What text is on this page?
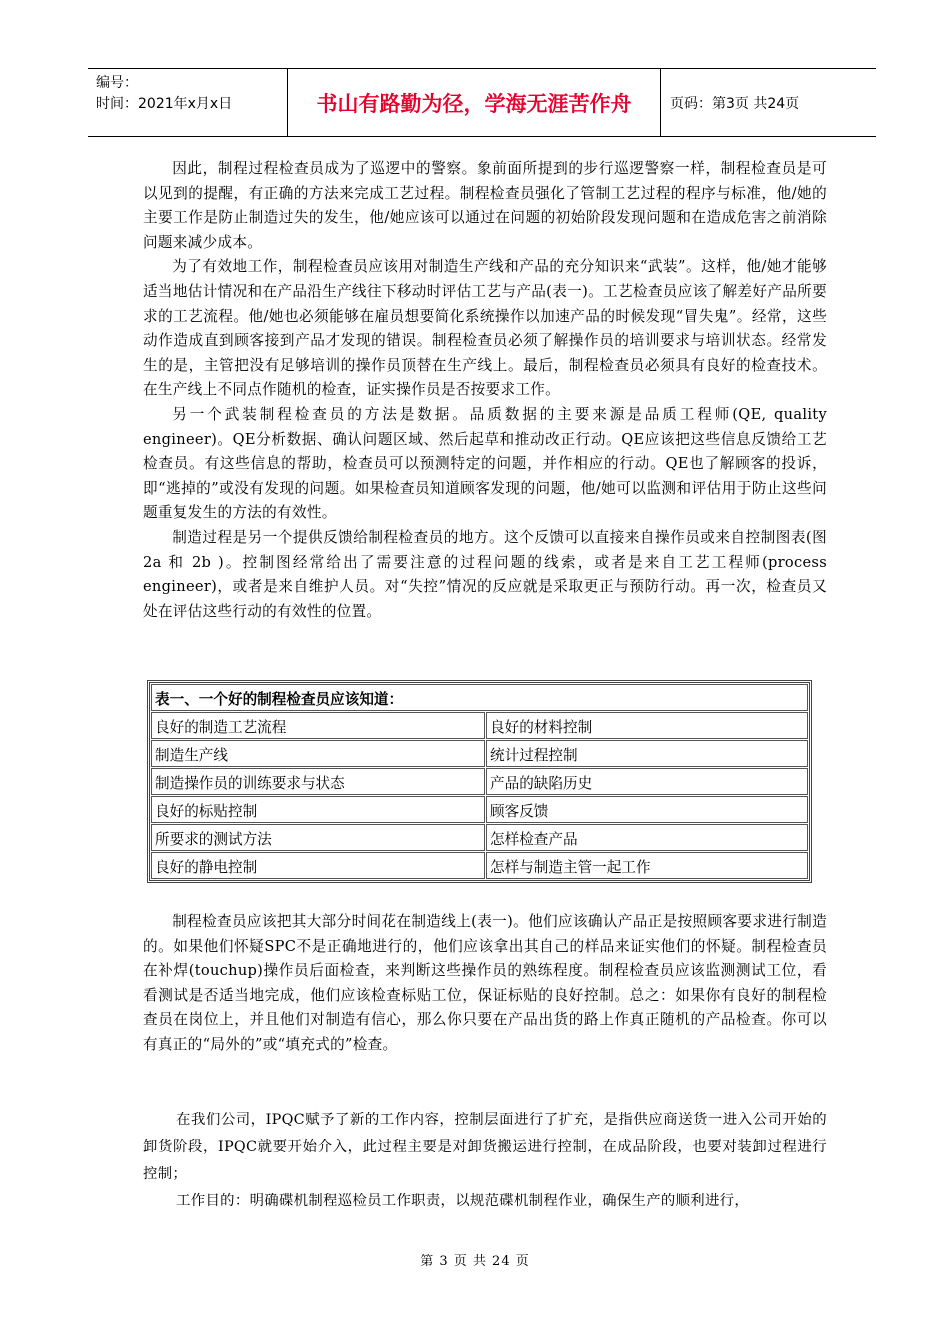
编号：
时间：2021年x月x日	书山有路勤为径，学海无涯苦作舟	页码：第3页 共24页

因此，制程过程检查员成为了巡逻中的警察。象前面所提到的步行巡逻警察一样，制程检查员是可以见到的提醒，有正确的方法来完成工艺过程。制程检查员强化了管制工艺过程的程序与标准，他/她的主要工作是防止制造过失的发生，他/她应该可以通过在问题的初始阶段发现问题和在造成危害之前消除问题来减少成本。

为了有效地工作，制程检查员应该用对制造生产线和产品的充分知识来“武装”。这样，他/她才能够适当地估计情况和在产品沿生产线往下移动时评估工艺与产品(表一)。工艺检查员应该了解差好产品所要求的工艺流程。他/她也必须能够在雇员想要简化系统操作以加速产品的时候发现“冒失鬼”。经常，这些动作造成直到顾客接到产品才发现的错误。制程检查员必须了解操作员的培训要求与培训状态。经常发生的是，主管把没有足够培训的操作员顶替在生产线上。最后，制程检查员必须具有良好的检查技术。在生产线上不同点作随机的检查，证实操作员是否按要求工作。

另一个武装制程检查员的方法是数据。品质数据的主要来源是品质工程师(QE, quality engineer)。QE分析数据、确认问题区域、然后起草和推动改正行动。QE应该把这些信息反馈给工艺检查员。有这些信息的帮助，检查员可以预测特定的问题，并作相应的行动。QE也了解顾客的投诉，即“逃掉的”或没有发现的问题。如果检查员知道顾客发现的问题，他/她可以监测和评估用于防止这些问题重复发生的方法的有效性。

制造过程是另一个提供反馈给制程检查员的地方。这个反馈可以直接来自操作员或来自控制图表(图 2a 和 2b )。控制图经常给出了需要注意的过程问题的线索，或者是来自工艺工程师(process engineer)，或者是来自维护人员。对“失控”情况的反应就是采取更正与预防行动。再一次，检查员又处在评估这些行动的有效性的位置。

表一、一个好的制程检查员应该知道：	
良好的制造工艺流程	良好的材料控制
制造生产线	统计过程控制
制造操作员的训练要求与状态	产品的缺陷历史
良好的标贴控制	顾客反馈
所要求的测试方法	怎样检查产品
良好的静电控制	怎样与制造主管一起工作

制程检查员应该把其大部分时间花在制造线上(表一)。他们应该确认产品正是按照顾客要求进行制造的。如果他们怀疑SPC不是正确地进行的，他们应该拿出其自己的样品来证实他们的怀疑。制程检查员在补焊(touchup)操作员后面检查，来判断这些操作员的熟练程度。制程检查员应该监测测试工位，看看测试是否适当地完成，他们应该检查标贴工位，保证标贴的良好控制。总之：如果你有良好的制程检查员在岗位上，并且他们对制造有信心，那么你只要在产品出货的路上作真正随机的产品检查。你可以有真正的“局外的”或“填充式的”检查。

在我们公司，IPQC赋予了新的工作内容，控制层面进行了扩充，是指供应商送货一进入公司开始的卸货阶段，IPQC就要开始介入，此过程主要是对卸货搬运进行控制，在成品阶段，也要对装卸过程进行控制；

工作目的：明确碟机制程巡检员工作职责，以规范碟机制程作业，确保生产的顺利进行，

第 3 页 共 24 页
